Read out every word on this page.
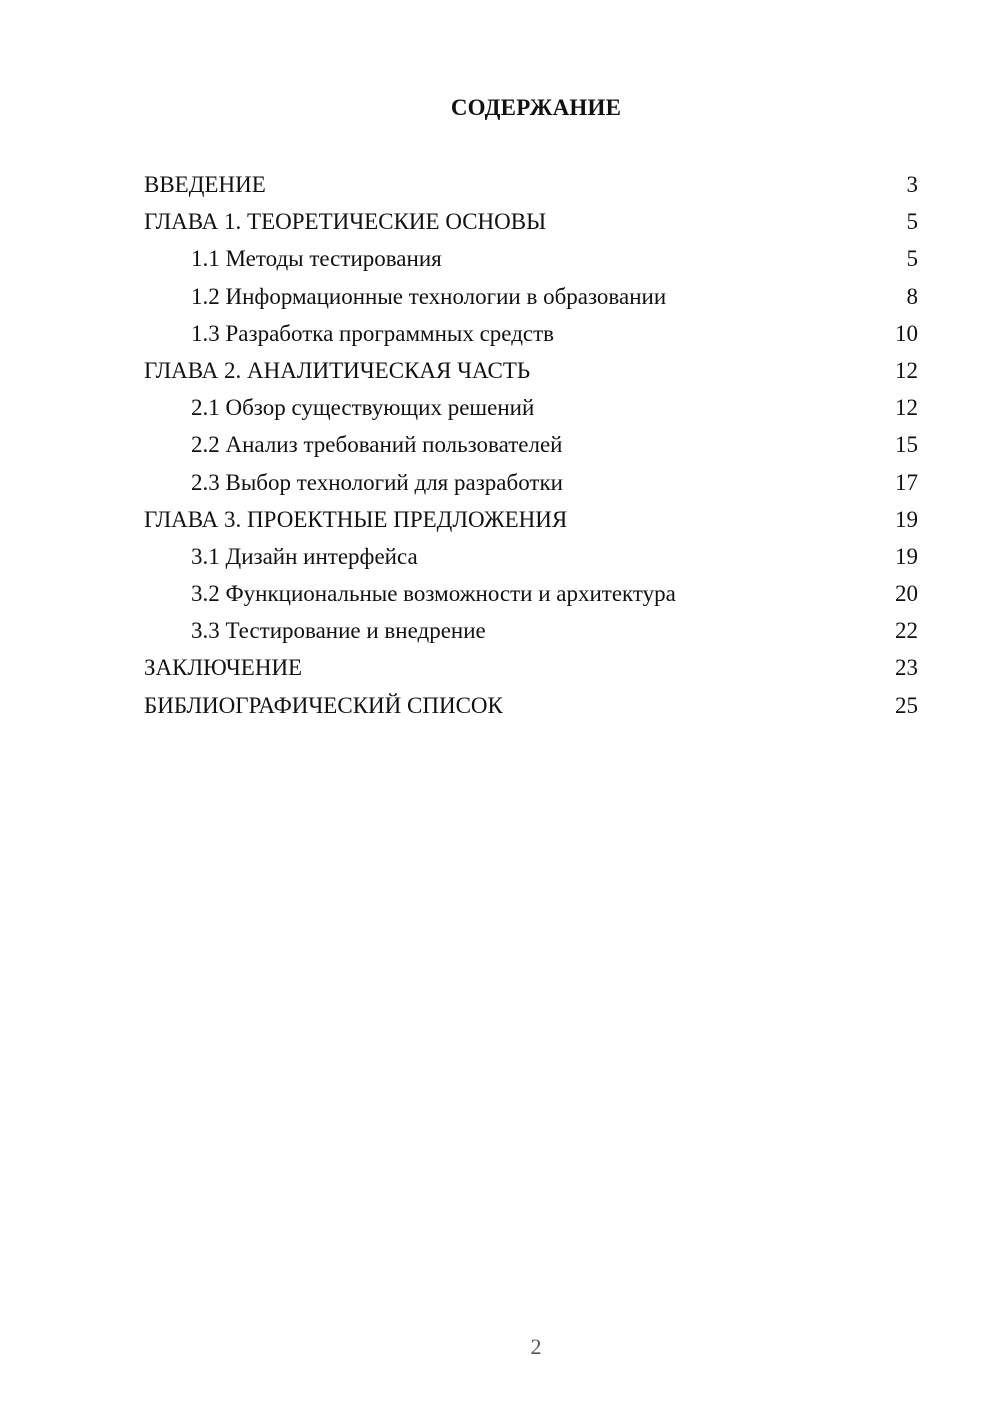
СОДЕРЖАНИЕ
ВВЕДЕНИЕ	3
ГЛАВА 1. ТЕОРЕТИЧЕСКИЕ ОСНОВЫ	5
1.1 Методы тестирования	5
1.2 Информационные технологии в образовании	8
1.3 Разработка программных средств	10
ГЛАВА 2. АНАЛИТИЧЕСКАЯ ЧАСТЬ	12
2.1 Обзор существующих решений	12
2.2 Анализ требований пользователей	15
2.3 Выбор технологий для разработки	17
ГЛАВА 3. ПРОЕКТНЫЕ ПРЕДЛОЖЕНИЯ	19
3.1 Дизайн интерфейса	19
3.2 Функциональные возможности и архитектура	20
3.3 Тестирование и внедрение	22
ЗАКЛЮЧЕНИЕ	23
БИБЛИОГРАФИЧЕСКИЙ СПИСОК	25
2
